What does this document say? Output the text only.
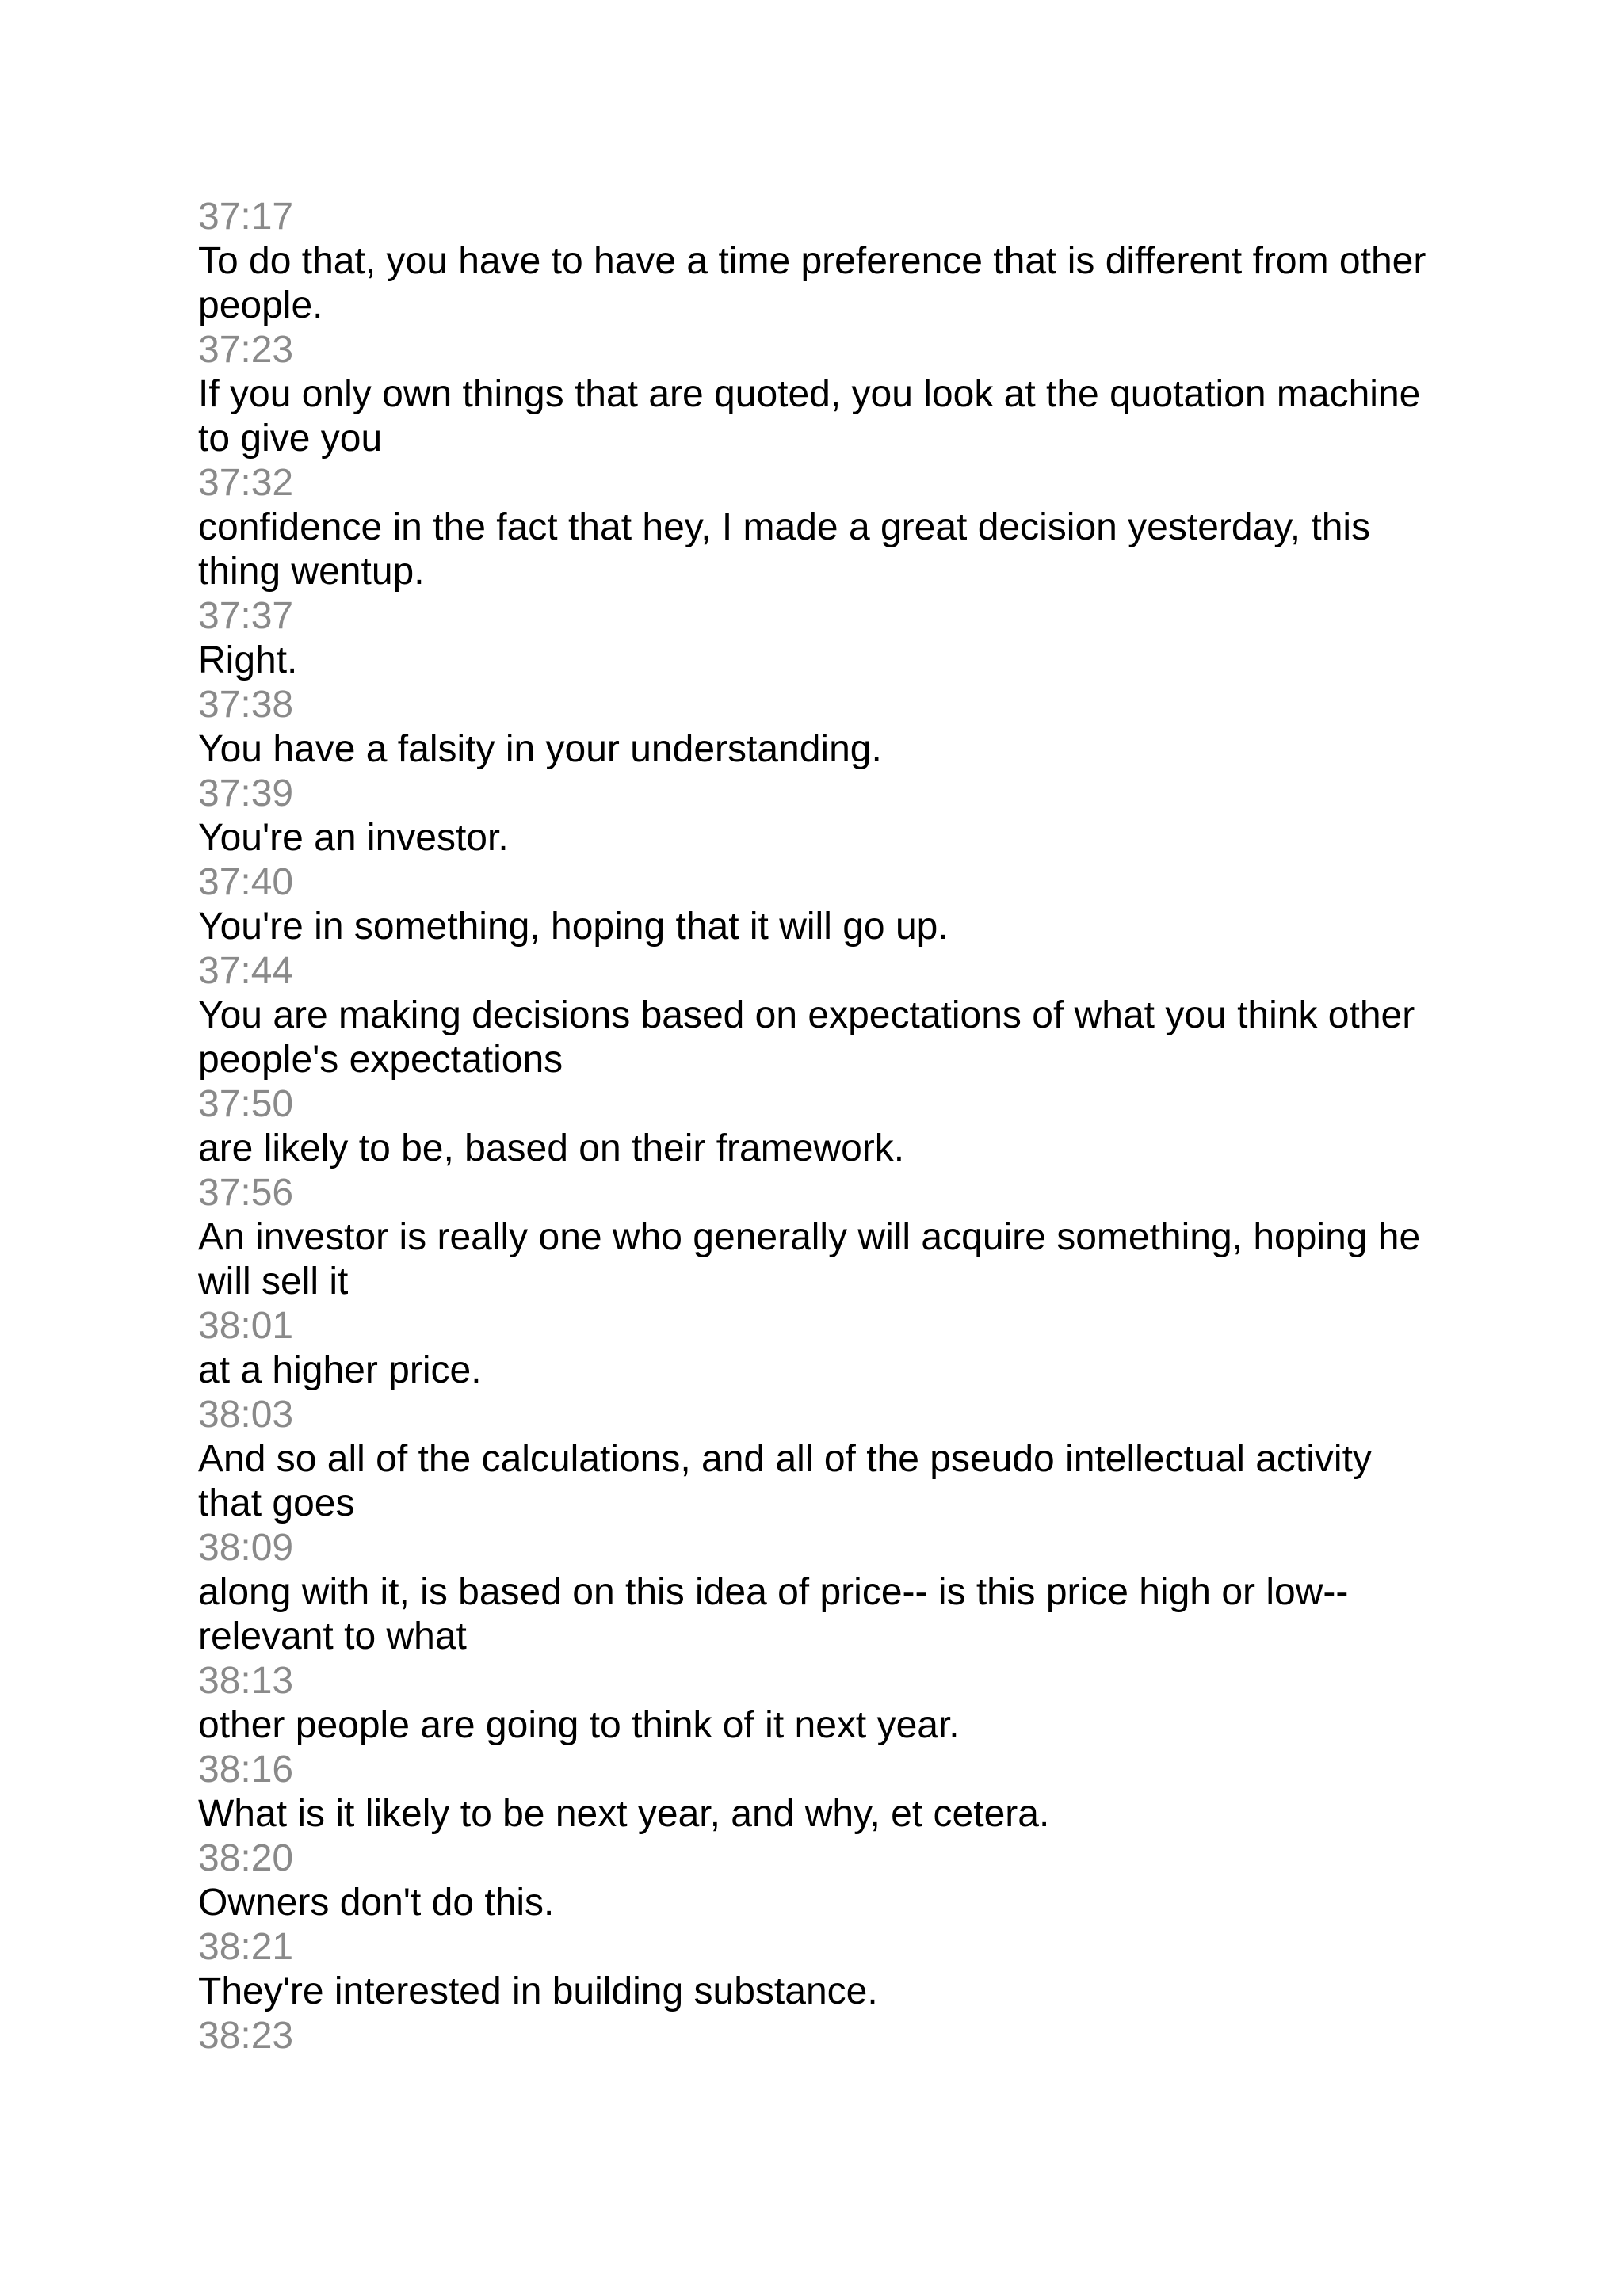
37:17
To do that, you have to have a time preference that is different from other people.
37:23
If you only own things that are quoted, you look at the quotation machine to give you
37:32
confidence in the fact that hey, I made a great decision yesterday, this thing wentup.
37:37
Right.
37:38
You have a falsity in your understanding.
37:39
You're an investor.
37:40
You're in something, hoping that it will go up.
37:44
You are making decisions based on expectations of what you think other people's expectations
37:50
are likely to be, based on their framework.
37:56
An investor is really one who generally will acquire something, hoping he will sell it
38:01
at a higher price.
38:03
And so all of the calculations, and all of the pseudo intellectual activity that goes
38:09
along with it, is based on this idea of price-- is this price high or low-- relevant to what
38:13
other people are going to think of it next year.
38:16
What is it likely to be next year, and why, et cetera.
38:20
Owners don't do this.
38:21
They're interested in building substance.
38:23
